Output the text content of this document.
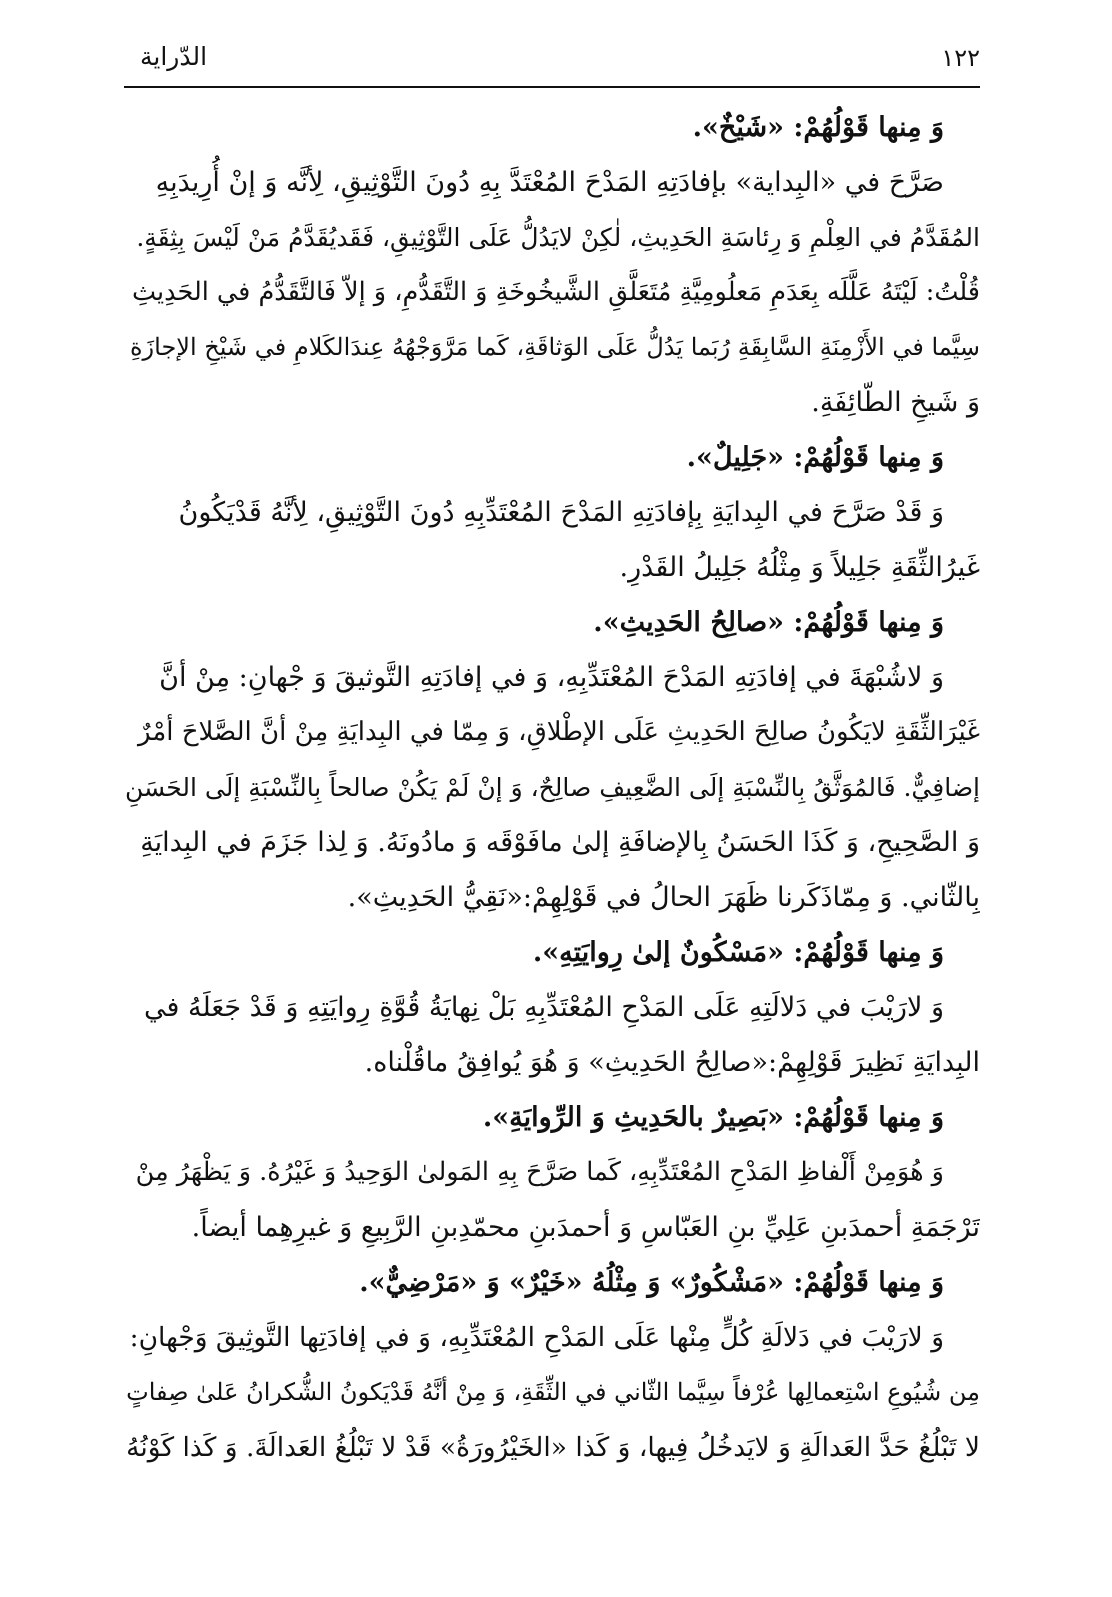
١٢٢
الدّراية

وَ مِنها قَوْلُهُمْ: «شَيْخٌ».

صَرَّحَ في «البِداية» بإفادَتِهِ المَدْحَ المُعْتَدَّ بِهِ دُونَ التَّوْثِيقِ، لِأنَّه وَ إنْ أُرِيدَبِهِ

المُقَدَّمُ في العِلْمِ وَ رِئاسَةِ الحَدِيثِ، لٰكِنْ لايَدُلُّ عَلَى التَّوْثِيقِ، فَقَديُقَدَّمُ مَنْ لَيْسَ بِثِقَةٍ.

قُلْتُ: لَيْتَهُ عَلَّلَه بِعَدَمِ مَعلُومِيَّةِ مُتَعَلَّقِ الشَّيخُوخَةِ وَ التَّقَدُّمِ، وَ إلاّ فَالتَّقَدُّمُ في الحَدِيثِ

سِيَّما في الأَزْمِنَةِ السَّابِقَةِ رُبَما يَدُلُّ عَلَى الوَثاقَةِ، كَما مَرَّوَجْهُهُ عِندَالكَلامِ في شَيْخِ الإجازَةِ

وَ شَيخِ الطّائِفَةِ.

وَ مِنها قَوْلُهُمْ: «جَلِيلٌ».

وَ قَدْ صَرَّحَ في البِدايَةِ بِإفادَتِهِ المَدْحَ المُعْتَدِّبِهِ دُونَ التَّوْثِيقِ، لِأنَّهُ قَدْيَكُونُ

غَيرُالثِّقَةِ جَلِيلاً وَ مِثْلُهُ جَلِيلُ القَدْرِ.

وَ مِنها قَوْلُهُمْ: «صالِحُ الحَدِيثِ».

وَ لاشُبْهَةَ في إفادَتِهِ المَدْحَ المُعْتَدِّبِهِ، وَ في إفادَتِهِ التَّوثيقَ وَ جْهانِ: مِنْ أنَّ

غَيْرَالثِّقَةِ لايَكُونُ صالِحَ الحَدِيثِ عَلَى الإطْلاقِ، وَ مِمّا في البِدايَةِ مِنْ أنَّ الصَّلاحَ أمْرٌ

إضافِيٌّ. فَالمُوَثَّقُ بِالنِّسْبَةِ إلَى الضَّعِيفِ صالِحٌ، وَ إنْ لَمْ يَكُنْ صالحاً بِالنِّسْبَةِ إلَى الحَسَنِ

وَ الصَّحِيحِ، وَ كَذَا الحَسَنُ بِالإضافَةِ إلىٰ مافَوْقَه وَ مادُونَهُ. وَ لِذا جَزَمَ في البِدايَةِ

بِالثّاني. وَ مِمّاذَكَرنا ظَهَرَ الحالُ في قَوْلِهِمْ:«نَقِيُّ الحَدِيثِ».

وَ مِنها قَوْلُهُمْ: «مَسْكُونٌ إلىٰ رِوايَتِهِ».

وَ لارَيْبَ في دَلالَتِهِ عَلَى المَدْحِ المُعْتَدِّبِهِ بَلْ نِهايَةُ قُوَّةِ رِوايَتِهِ وَ قَدْ جَعَلَهُ في

البِدايَةِ نَظِيرَ قَوْلِهِمْ:«صالِحُ الحَدِيثِ» وَ هُوَ يُوافِقُ ماقُلْناه.

وَ مِنها قَوْلُهُمْ: «بَصِيرٌ بالحَدِيثِ وَ الرِّوايَةِ».

وَ هُوَمِنْ أَلْفاظِ المَدْحِ المُعْتَدِّبِهِ، كَما صَرَّحَ بِهِ المَولىٰ الوَحِيدُ وَ غَيْرُهُ. وَ يَظْهَرُ مِنْ

تَرْجَمَةِ أحمدَبنِ عَلِيِّ بنِ العَبّاسِ وَ أحمدَبنِ محمّدِبنِ الرَّبِيعِ وَ غيرِهِما أيضاً.

وَ مِنها قَوْلُهُمْ: «مَشْكُورٌ» وَ مِثْلُهُ «خَيْرٌ» وَ «مَرْضِيٌّ».

وَ لارَيْبَ في دَلالَةِ كُلٍّ مِنْها عَلَى المَدْحِ المُعْتَدِّبِهِ، وَ في إفادَتِها التَّوثِيقَ وَجْهانِ:

مِن شُيُوعِ اسْتِعمالِها عُرْفاً سِيَّما الثّاني في الثِّقَةِ، وَ مِنْ أنَّهُ قَدْيَكونُ الشُّكرانُ عَلىٰ صِفاتٍ

لا تَبْلُغُ حَدَّ العَدالَةِ وَ لايَدخُلُ فِيها، وَ كَذا «الخَيْرُورَةُ» قَدْ لا تَبْلُغُ العَدالَةَ. وَ كَذا كَوْنُهُ
